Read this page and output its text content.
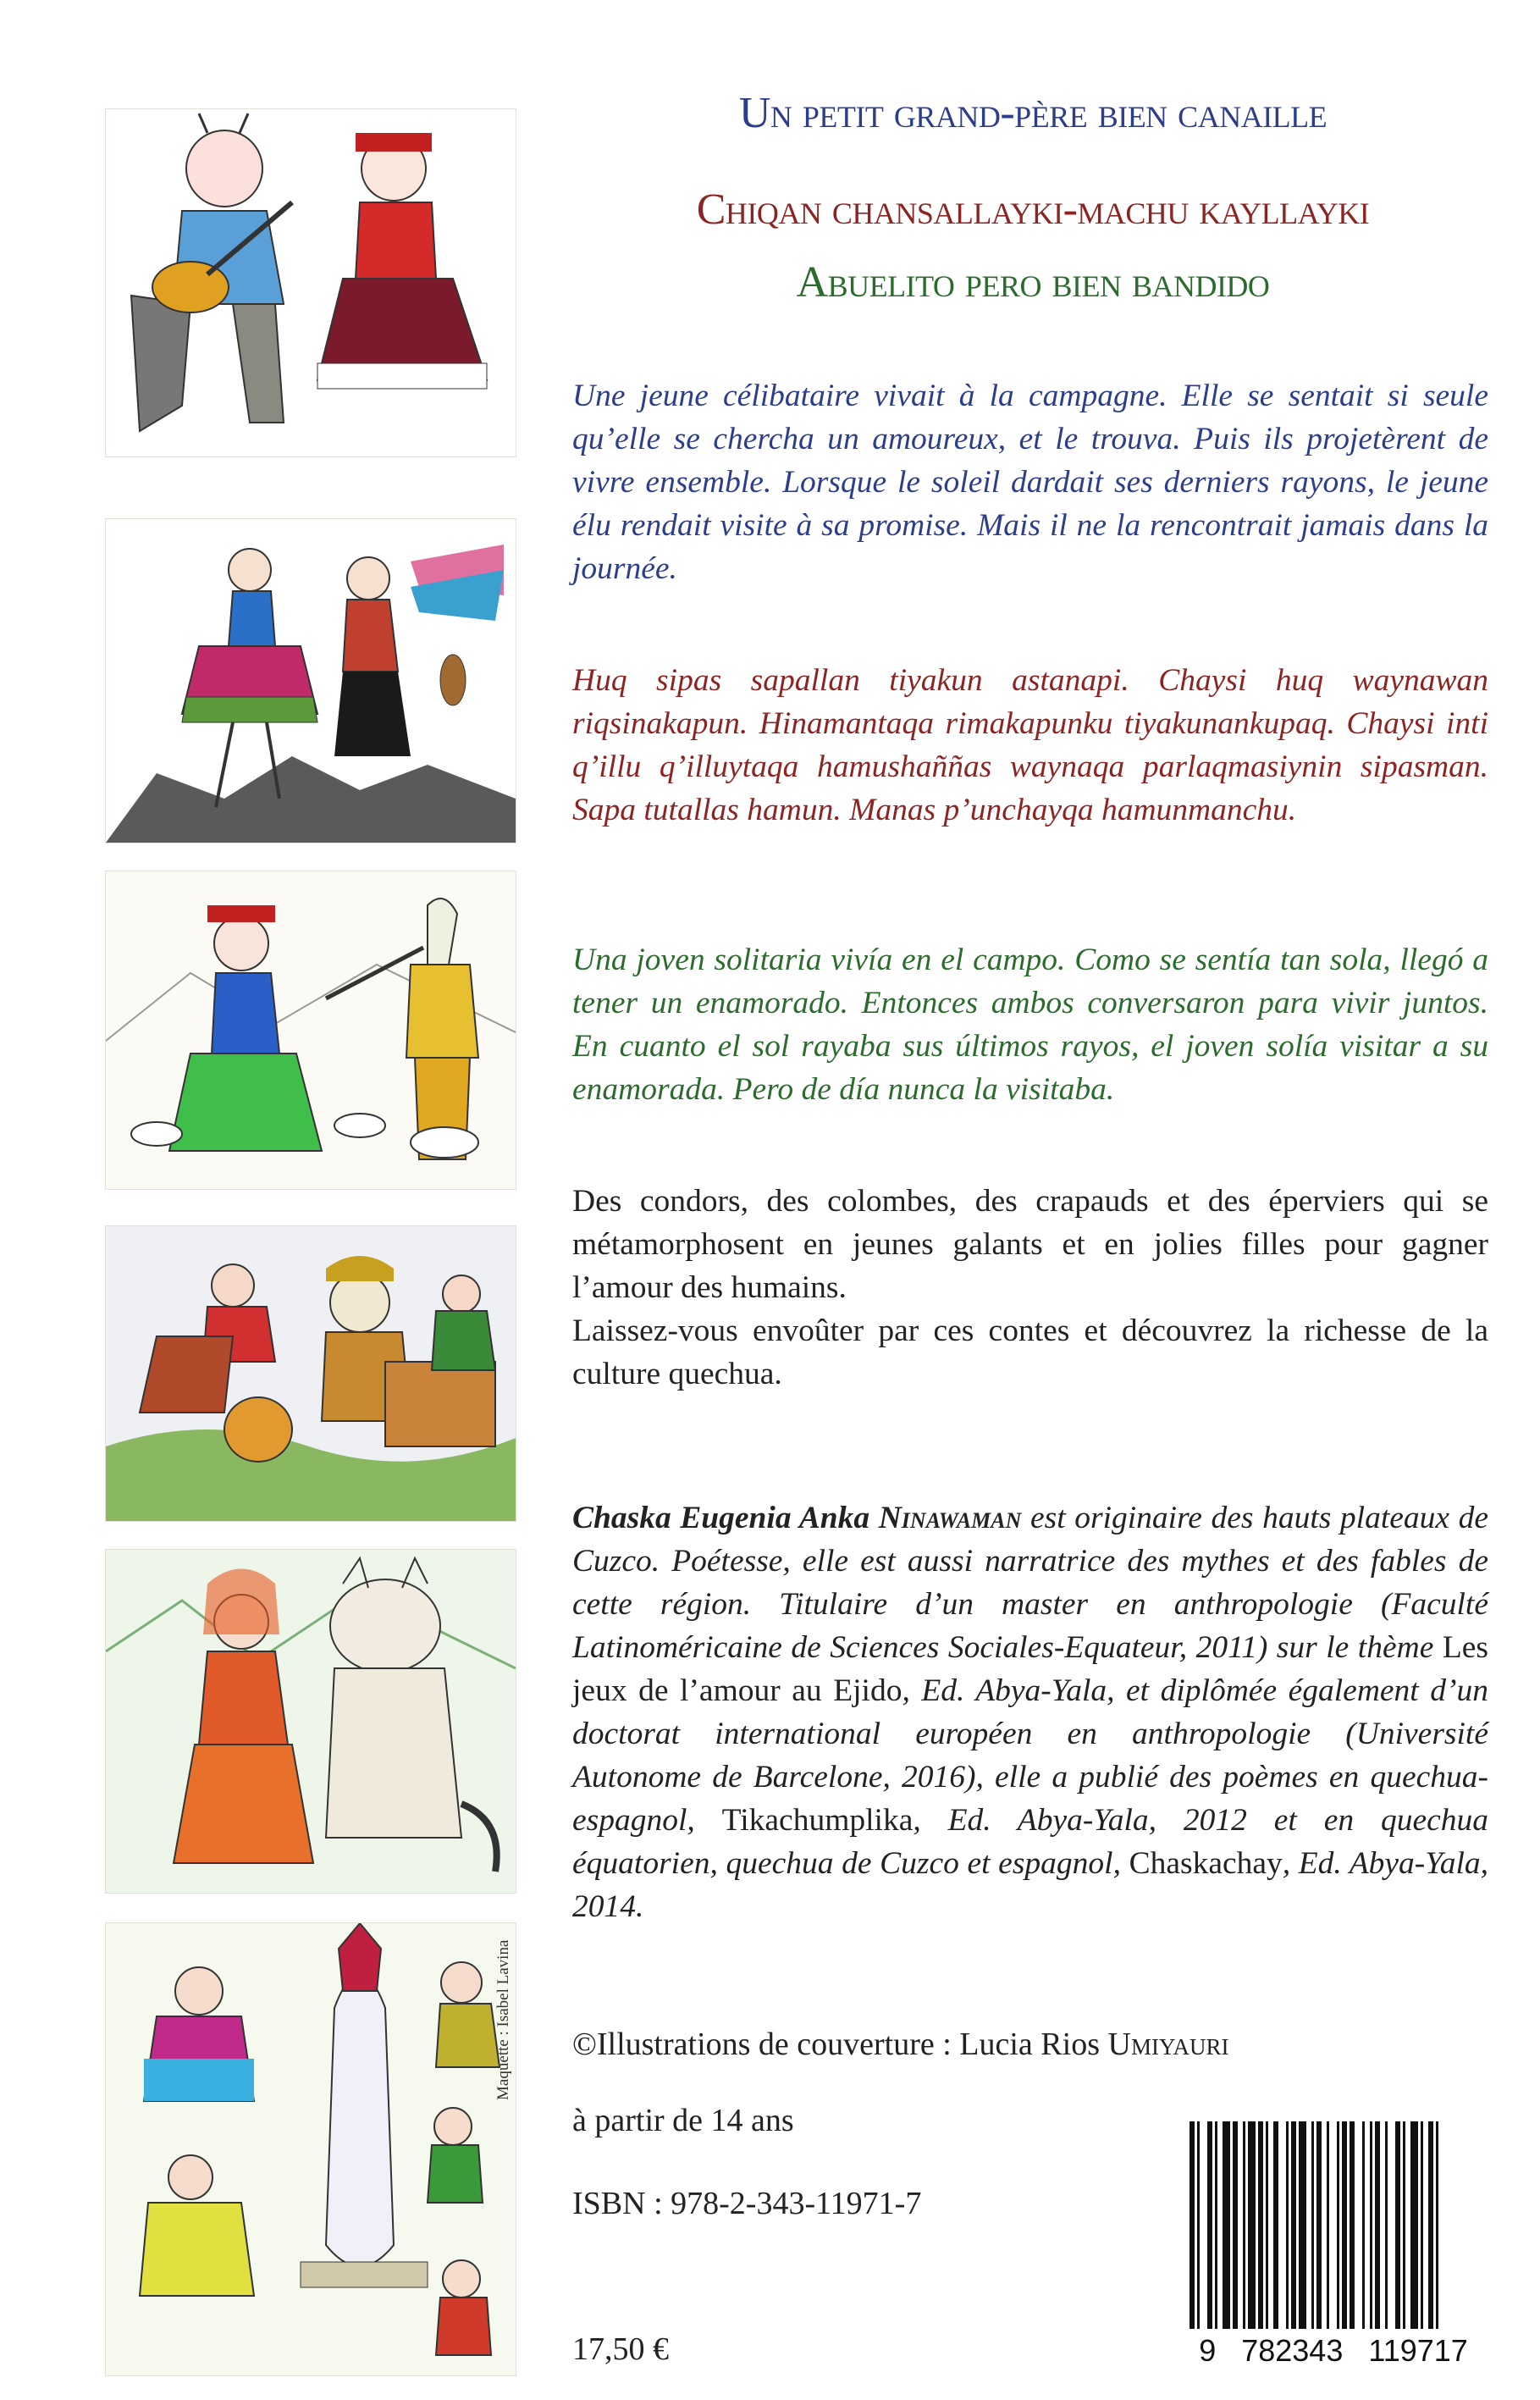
Un petit grand-père bien canaille
Chiqan chansallayki-machu kayllayki
Abuelito pero bien bandido
Une jeune célibataire vivait à la campagne. Elle se sentait si seule qu’elle se chercha un amoureux, et le trouva. Puis ils projetèrent de vivre ensemble. Lorsque le soleil dardait ses derniers rayons, le jeune élu rendait visite à sa promise. Mais il ne la rencontrait jamais dans la journée.
Huq sipas sapallan tiyakun astanapi. Chaysi huq waynawan riqsinakapun. Hinamantaqa rimakapunku tiyakunankupaq. Chaysi inti q’illu q’illuytaqa hamushaññas waynaqa parlaqmasiynin sipasman. Sapa tutallas hamun. Manas p’unchayqa hamunmanchu.
Una joven solitaria vivía en el campo. Como se sentía tan sola, llegó a tener un enamorado. Entonces ambos conversaron para vivir juntos. En cuanto el sol rayaba sus últimos rayos, el joven solía visitar a su enamorada. Pero de día nunca la visitaba.
Des condors, des colombes, des crapauds et des éperviers qui se métamorphosent en jeunes galants et en jolies filles pour gagner l’amour des humains.
Laissez-vous envoûter par ces contes et découvrez la richesse de la culture quechua.
Chaska Eugenia Anka Ninawaman est originaire des hauts plateaux de Cuzco. Poétesse, elle est aussi narratrice des mythes et des fables de cette région. Titulaire d’un master en anthropologie (Faculté Latinoméricaine de Sciences Sociales-Equateur, 2011) sur le thème Les jeux de l’amour au Ejido, Ed. Abya-Yala, et diplômée également d’un doctorat international européen en anthropologie (Université Autonome de Barcelone, 2016), elle a publié des poèmes en quechua-espagnol, Tikachumplika, Ed. Abya-Yala, 2012 et en quechua équatorien, quechua de Cuzco et espagnol, Chaskachay, Ed. Abya-Yala, 2014.
©Illustrations de couverture : Lucia Rios Umiyauri
à partir de 14 ans
ISBN : 978-2-343-11971-7
17,50 €
Maquette : Isabel Lavina
9   782343   119717
